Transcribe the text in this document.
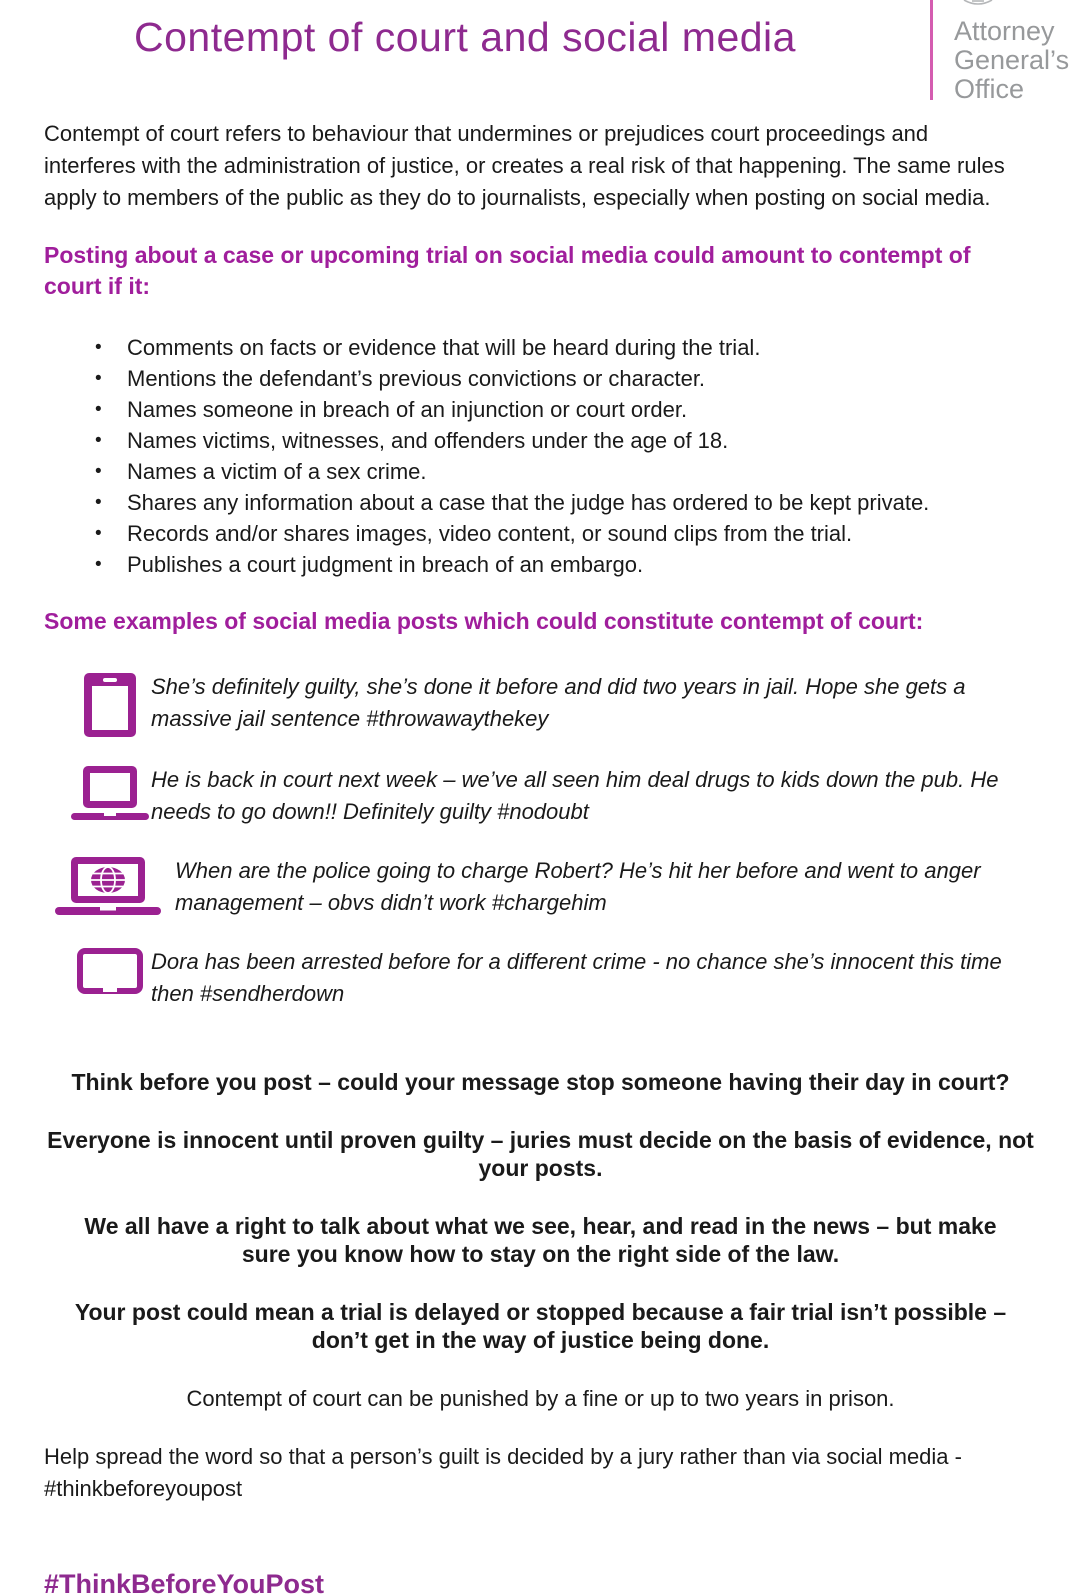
Contempt of court and social media	Attorney
General’s
Office

Contempt of court refers to behaviour that undermines or prejudices court proceedings and interferes with the administration of justice, or creates a real risk of that happening. The same rules apply to members of the public as they do to journalists, especially when posting on social media.

Posting about a case or upcoming trial on social media could amount to contempt of court if it:
•	Comments on facts or evidence that will be heard during the trial.
•	Mentions the defendant’s previous convictions or character.
•	Names someone in breach of an injunction or court order.
•	Names victims, witnesses, and offenders under the age of 18.
•	Names a victim of a sex crime.
•	Shares any information about a case that the judge has ordered to be kept private.
•	Records and/or shares images, video content, or sound clips from the trial.
•	Publishes a court judgment in breach of an embargo.
Some examples of social media posts which could constitute contempt of court:

She’s definitely guilty, she’s done it before and did two years in jail. Hope she gets a massive jail sentence #throwawaythekey

He is back in court next week – we’ve all seen him deal drugs to kids down the pub. He needs to go down!! Definitely guilty #nodoubt

When are the police going to charge Robert? He’s hit her before and went to anger management – obvs didn’t work #chargehim

Dora has been arrested before for a different crime - no chance she’s innocent this time then #sendherdown

Think before you post – could your message stop someone having their day in court?

Everyone is innocent until proven guilty – juries must decide on the basis of evidence, not your posts.

We all have a right to talk about what we see, hear, and read in the news – but make sure you know how to stay on the right side of the law.

Your post could mean a trial is delayed or stopped because a fair trial isn’t possible – don’t get in the way of justice being done.

Contempt of court can be punished by a fine or up to two years in prison.

Help spread the word so that a person’s guilt is decided by a jury rather than via social media - #thinkbeforeyoupost

#ThinkBeforeYouPost
